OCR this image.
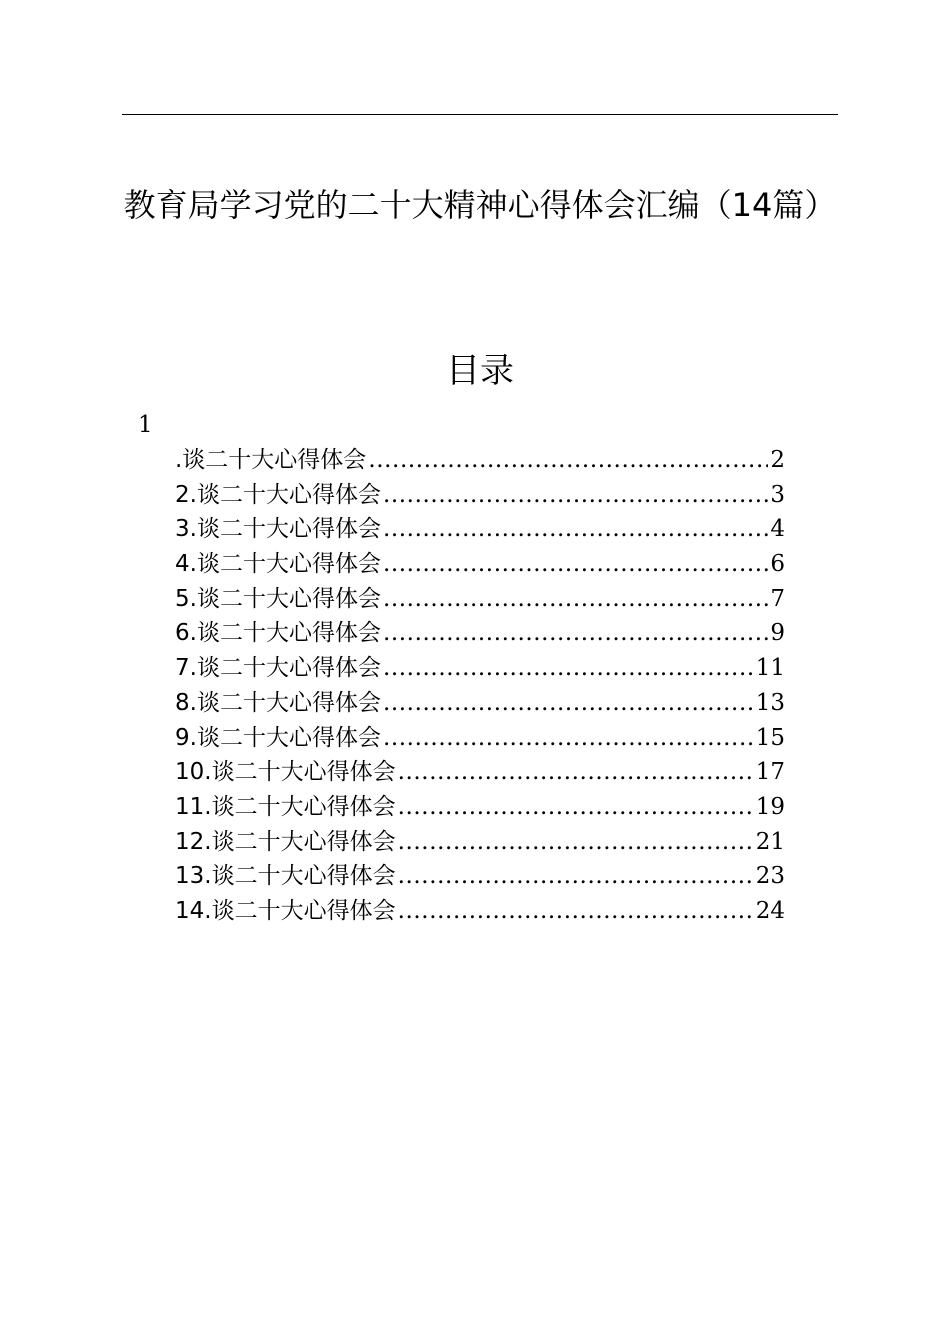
教育局学习党的二十大精神心得体会汇编（14篇）
目录
1
.谈二十大心得体会 .....	2
2.谈二十大心得体会 .....	3
3.谈二十大心得体会 .....	4
4.谈二十大心得体会 .....	6
5.谈二十大心得体会 .....	7
6.谈二十大心得体会 .....	9
7.谈二十大心得体会 .....	11
8.谈二十大心得体会 .....	13
9.谈二十大心得体会 .....	15
10.谈二十大心得体会 .....	17
11.谈二十大心得体会 .....	19
12.谈二十大心得体会 .....	21
13.谈二十大心得体会 .....	23
14.谈二十大心得体会 .....	24
